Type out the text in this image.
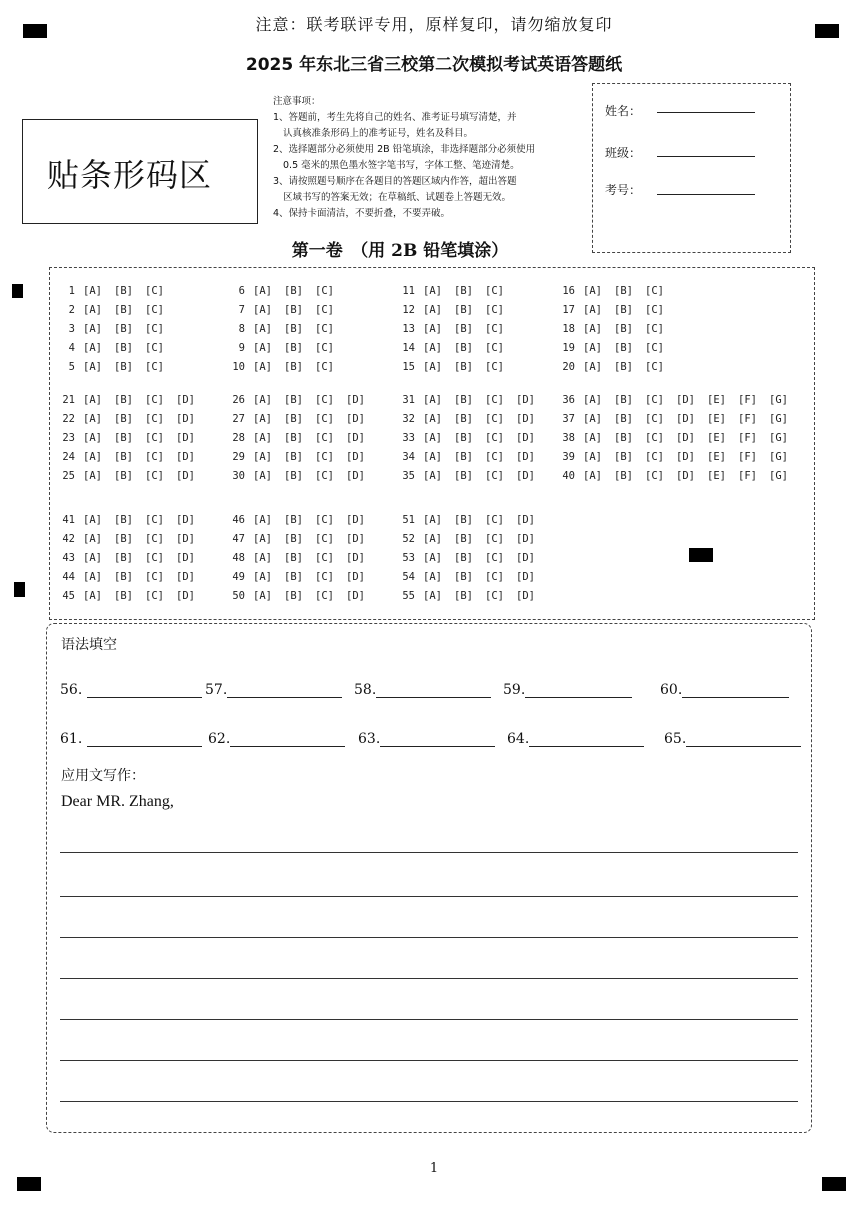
注意：联考联评专用，原样复印，请勿缩放复印
2025 年东北三省三校第二次模拟考试英语答题纸
贴条形码区
注意事项：
1、答题前，考生先将自己的姓名、准考证号填写清楚，并
认真核准条形码上的准考证号，姓名及科目。
2、选择题部分必须使用 2B 铅笔填涂，非选择题部分必须使用
0.5 毫米的黑色墨水签字笔书写，字体工整、笔迹清楚。
3、请按照题号顺序在各题目的答题区域内作答，超出答题
区域书写的答案无效；在草稿纸、试题卷上答题无效。
4、保持卡面清洁，不要折叠，不要弄破。
姓名：
班级：
考号：
第一卷　（用 2B 铅笔填涂）
1 [A] [B] [C]
2 [A] [B] [C]
3 [A] [B] [C]
4 [A] [B] [C]
5 [A] [B] [C]
6 [A] [B] [C]
7 [A] [B] [C]
8 [A] [B] [C]
9 [A] [B] [C]
10 [A] [B] [C]
11 [A] [B] [C]
12 [A] [B] [C]
13 [A] [B] [C]
14 [A] [B] [C]
15 [A] [B] [C]
16 [A] [B] [C]
17 [A] [B] [C]
18 [A] [B] [C]
19 [A] [B] [C]
20 [A] [B] [C]
21 [A] [B] [C] [D]
22 [A] [B] [C] [D]
23 [A] [B] [C] [D]
24 [A] [B] [C] [D]
25 [A] [B] [C] [D]
26 [A] [B] [C] [D]
27 [A] [B] [C] [D]
28 [A] [B] [C] [D]
29 [A] [B] [C] [D]
30 [A] [B] [C] [D]
31 [A] [B] [C] [D]
32 [A] [B] [C] [D]
33 [A] [B] [C] [D]
34 [A] [B] [C] [D]
35 [A] [B] [C] [D]
36 [A] [B] [C] [D] [E] [F] [G]
37 [A] [B] [C] [D] [E] [F] [G]
38 [A] [B] [C] [D] [E] [F] [G]
39 [A] [B] [C] [D] [E] [F] [G]
40 [A] [B] [C] [D] [E] [F] [G]
41 [A] [B] [C] [D]
42 [A] [B] [C] [D]
43 [A] [B] [C] [D]
44 [A] [B] [C] [D]
45 [A] [B] [C] [D]
46 [A] [B] [C] [D]
47 [A] [B] [C] [D]
48 [A] [B] [C] [D]
49 [A] [B] [C] [D]
50 [A] [B] [C] [D]
51 [A] [B] [C] [D]
52 [A] [B] [C] [D]
53 [A] [B] [C] [D]
54 [A] [B] [C] [D]
55 [A] [B] [C] [D]
语法填空
应用文写作：
Dear MR. Zhang,
56.	57.	58.	59.	60.
61.	62.	63.	64.	65.
1
